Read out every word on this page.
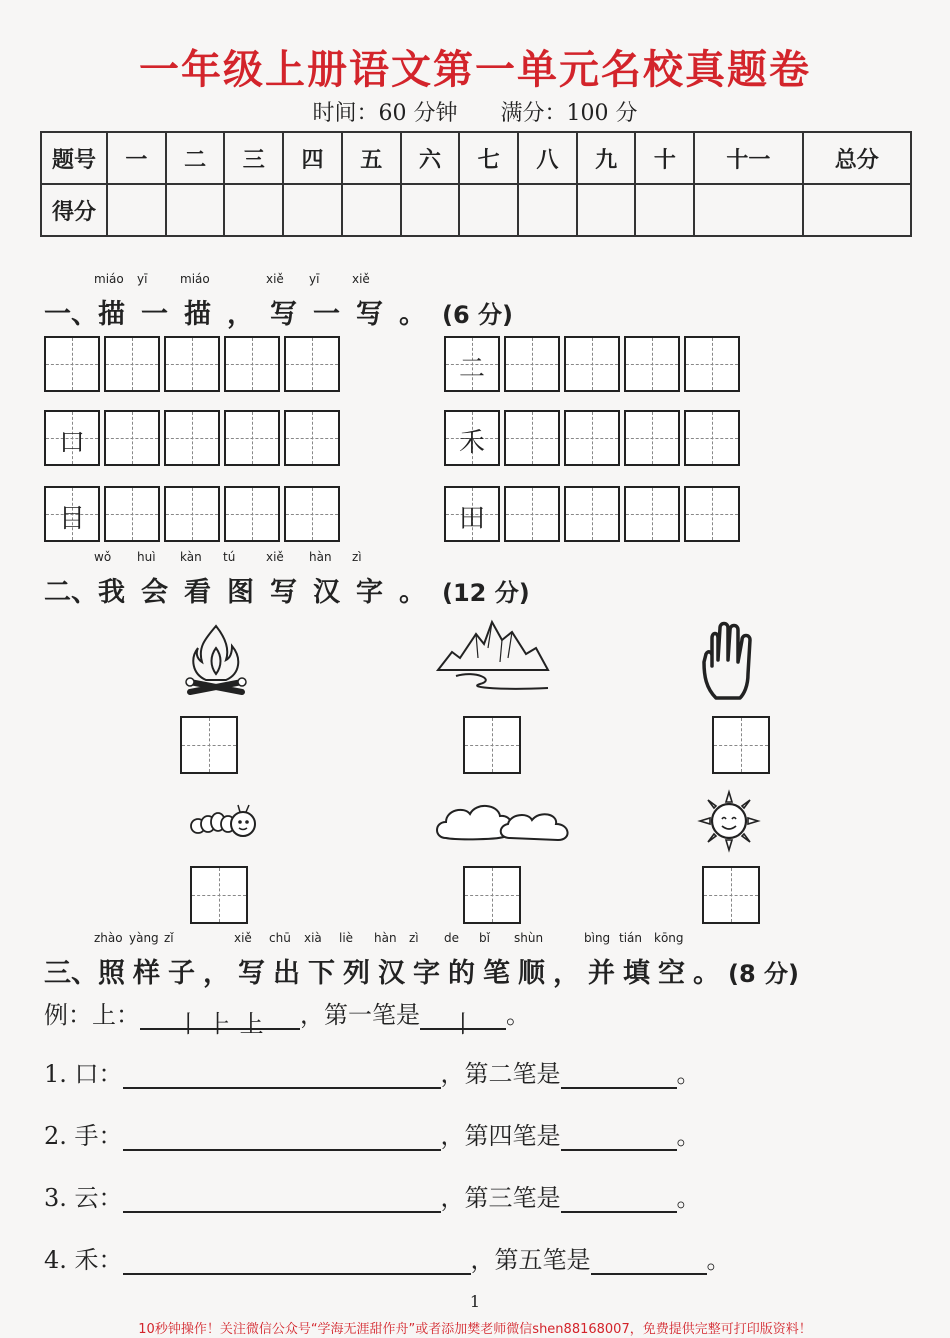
一年级上册语文第一单元名校真题卷
时间：60 分钟 满分：100 分
题号	一	二	三	四	五	六	七	八	九	十	十一	总分
得分												
一、
miáo
描
yī
一
miáo
描 ，
xiě
写
yī
一
xiě
写 。 (6 分)
二
口	禾
目	田
二、
wǒ
我
huì
会
kàn
看
tú
图
xiě
写
hàn
汉
zì
字 。 (12 分)
三、
zhào
照
yàng
样
zǐ
子 ，
xiě
写
chū
出
xià
下
liè
列
hàn
汉
zì
字
de
的
bǐ
笔
shùn
顺 ，
bìng
并
tián
填
kōng
空 。 (8 分)
例：上： 丨 ⺊ 上 ，第一笔是 丨 。
1. 口：	，第二笔是	。
2. 手：	，第四笔是	。
3. 云：	，第三笔是	。
4. 禾：	，第五笔是	。
1
10秒钟操作！关注微信公众号“学海无涯甜作舟”或者添加樊老师微信shen88168007，免费提供完整可打印版资料！
